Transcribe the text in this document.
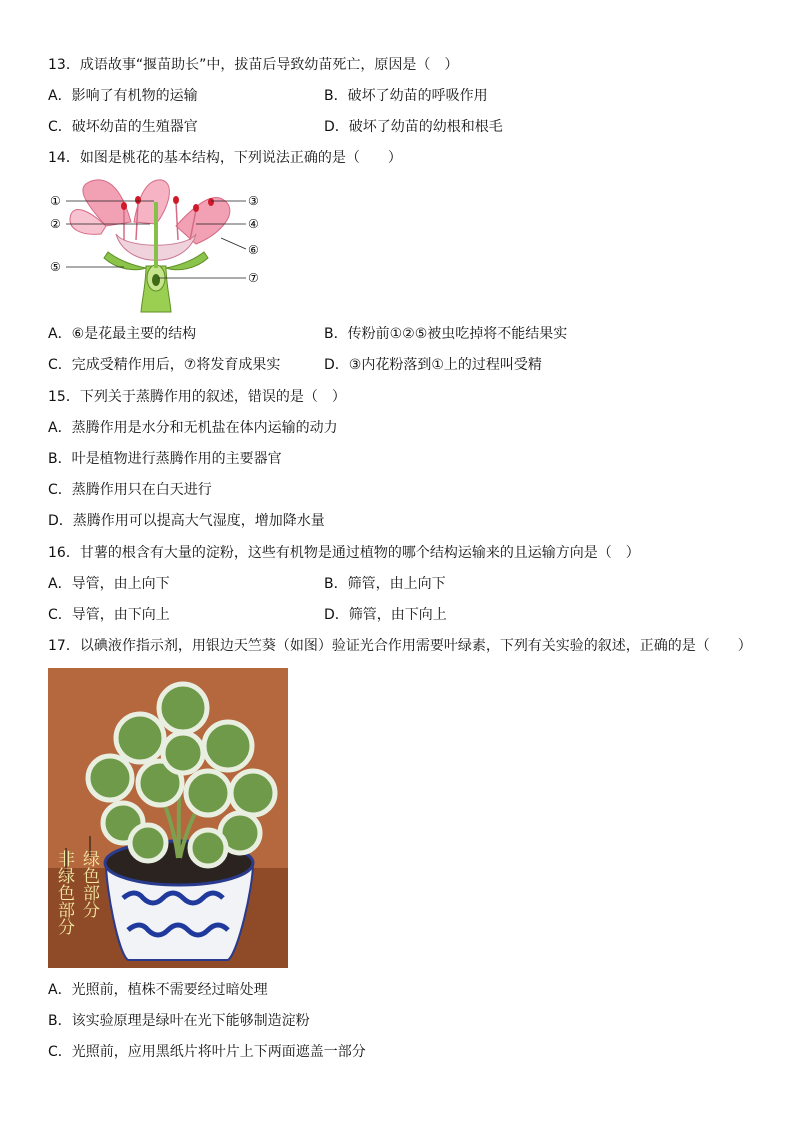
13．成语故事“揠苗助长”中，拔苗后导致幼苗死亡，原因是（　）
A．影响了有机物的运输	B．破坏了幼苗的呼吸作用
C．破坏幼苗的生殖器官	D．破坏了幼苗的幼根和根毛
14．如图是桃花的基本结构，下列说法正确的是（　　）
①
②
③
④
⑤
⑥
⑦
A．⑥是花最主要的结构	B．传粉前①②⑤被虫吃掉将不能结果实
C．完成受精作用后，⑦将发育成果实	D．③内花粉落到①上的过程叫受精
15．下列关于蒸腾作用的叙述，错误的是（　）
A．蒸腾作用是水分和无机盐在体内运输的动力
B．叶是植物进行蒸腾作用的主要器官
C．蒸腾作用只在白天进行
D．蒸腾作用可以提高大气湿度，增加降水量
16．甘薯的根含有大量的淀粉，这些有机物是通过植物的哪个结构运输来的且运输方向是（　）
A．导管，由上向下	B．筛管，由上向下
C．导管，由下向上	D．筛管，由下向上
17．以碘液作指示剂，用银边天竺葵（如图）验证光合作用需要叶绿素，下列有关实验的叙述，正确的是（　　）
非绿色部分 绿色部分
A．光照前，植株不需要经过暗处理
B．该实验原理是绿叶在光下能够制造淀粉
C．光照前，应用黑纸片将叶片上下两面遮盖一部分
